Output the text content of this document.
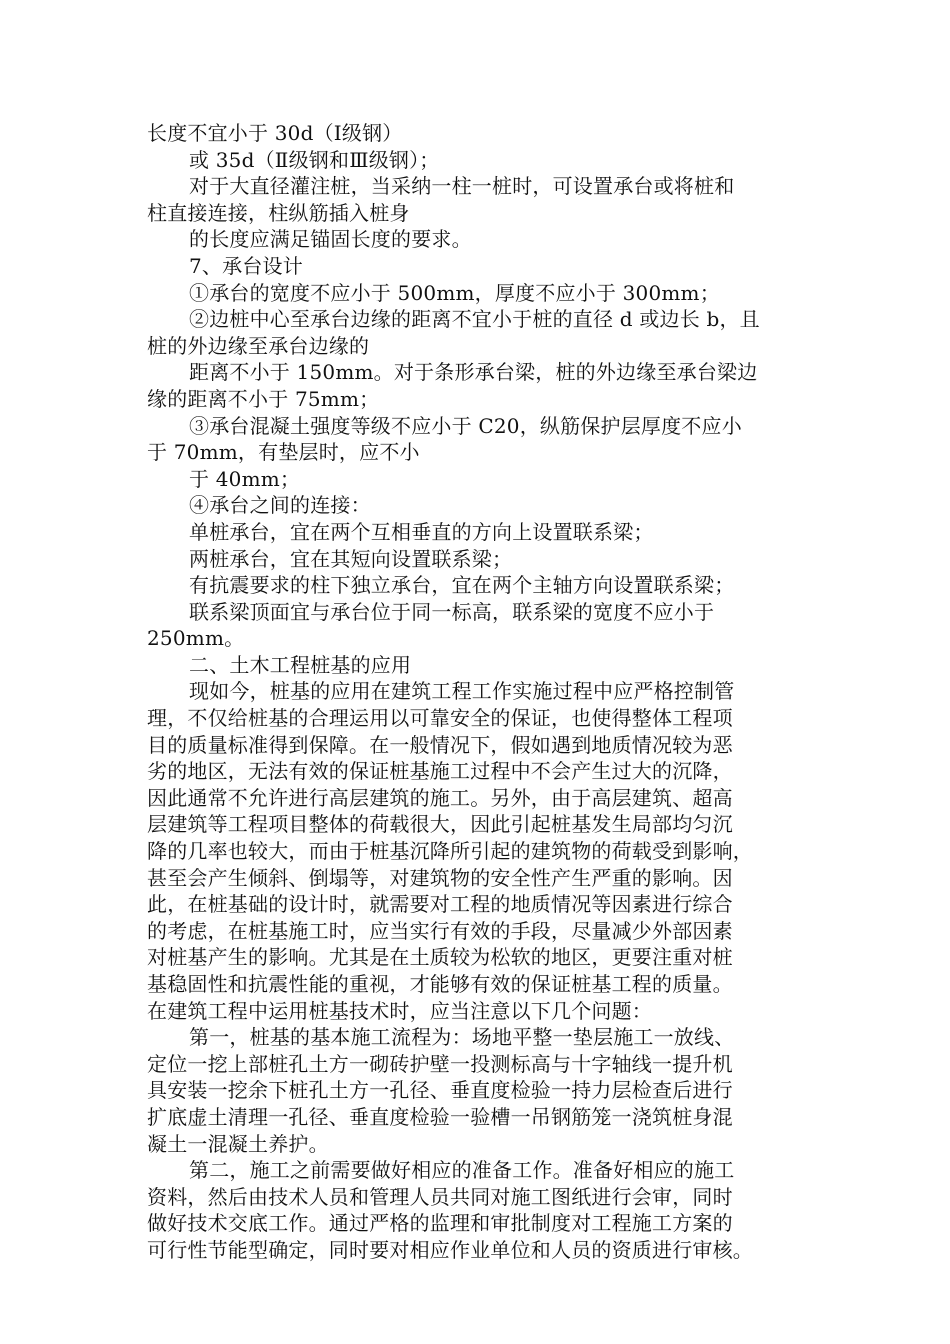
长度不宜小于 30d（Ⅰ级钢）
或 35d（Ⅱ级钢和Ⅲ级钢）；
对于大直径灌注桩，当采纳一柱一桩时，可设置承台或将桩和
柱直接连接，柱纵筋插入桩身
的长度应满足锚固长度的要求。
7、承台设计
①承台的宽度不应小于 500mm，厚度不应小于 300mm；
②边桩中心至承台边缘的距离不宜小于桩的直径 d 或边长 b，且
桩的外边缘至承台边缘的
距离不小于 150mm。对于条形承台梁，桩的外边缘至承台梁边
缘的距离不小于 75mm；
③承台混凝土强度等级不应小于 C20，纵筋保护层厚度不应小
于 70mm，有垫层时，应不小
于 40mm；
④承台之间的连接：
单桩承台，宜在两个互相垂直的方向上设置联系梁；
两桩承台，宜在其短向设置联系梁；
有抗震要求的柱下独立承台，宜在两个主轴方向设置联系梁；
联系梁顶面宜与承台位于同一标高，联系梁的宽度不应小于
250mm。
二、土木工程桩基的应用
现如今，桩基的应用在建筑工程工作实施过程中应严格控制管
理，不仅给桩基的合理运用以可靠安全的保证，也使得整体工程项
目的质量标准得到保障。在一般情况下，假如遇到地质情况较为恶
劣的地区，无法有效的保证桩基施工过程中不会产生过大的沉降，
因此通常不允许进行高层建筑的施工。另外，由于高层建筑、超高
层建筑等工程项目整体的荷载很大，因此引起桩基发生局部均匀沉
降的几率也较大，而由于桩基沉降所引起的建筑物的荷载受到影响，
甚至会产生倾斜、倒塌等，对建筑物的安全性产生严重的影响。因
此，在桩基础的设计时，就需要对工程的地质情况等因素进行综合
的考虑，在桩基施工时，应当实行有效的手段，尽量减少外部因素
对桩基产生的影响。尤其是在土质较为松软的地区，更要注重对桩
基稳固性和抗震性能的重视，才能够有效的保证桩基工程的质量。
在建筑工程中运用桩基技术时，应当注意以下几个问题：
第一，桩基的基本施工流程为：场地平整一垫层施工一放线、
定位一挖上部桩孔土方一砌砖护壁一投测标高与十字轴线一提升机
具安装一挖余下桩孔土方一孔径、垂直度检验一持力层检查后进行
扩底虚土清理一孔径、垂直度检验一验槽一吊钢筋笼一浇筑桩身混
凝土一混凝土养护。
第二，施工之前需要做好相应的准备工作。准备好相应的施工
资料，然后由技术人员和管理人员共同对施工图纸进行会审，同时
做好技术交底工作。通过严格的监理和审批制度对工程施工方案的
可行性节能型确定，同时要对相应作业单位和人员的资质进行审核。
